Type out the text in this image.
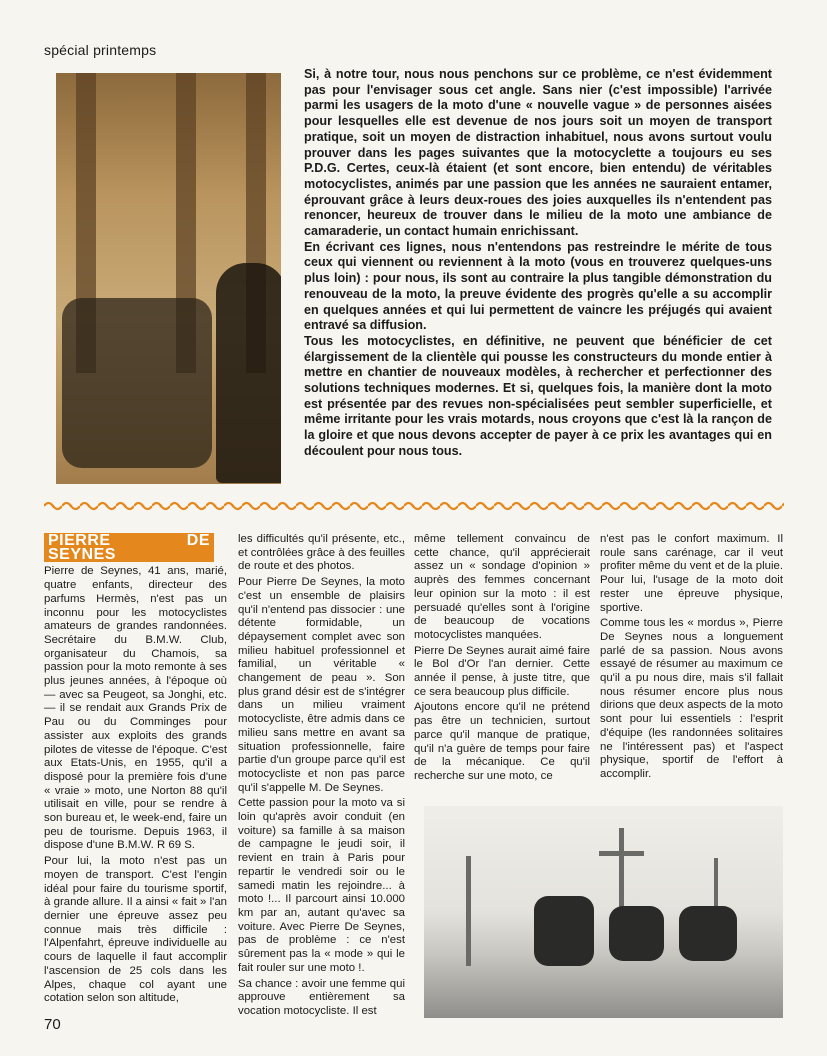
spécial printemps

Si, à notre tour, nous nous penchons sur ce problème, ce n'est évidemment pas pour l'envisager sous cet angle. Sans nier (c'est impossible) l'arrivée parmi les usagers de la moto d'une « nouvelle vague » de personnes aisées pour lesquelles elle est devenue de nos jours soit un moyen de transport pratique, soit un moyen de distraction inhabituel, nous avons surtout voulu prouver dans les pages suivantes que la motocyclette a toujours eu ses P.D.G. Certes, ceux-là étaient (et sont encore, bien entendu) de véritables motocyclistes, animés par une passion que les années ne sauraient entamer, éprouvant grâce à leurs deux-roues des joies auxquelles ils n'entendent pas renoncer, heureux de trouver dans le milieu de la moto une ambiance de camaraderie, un contact humain enrichissant.

En écrivant ces lignes, nous n'entendons pas restreindre le mérite de tous ceux qui viennent ou reviennent à la moto (vous en trouverez quelques-uns plus loin) : pour nous, ils sont au contraire la plus tangible démonstration du renouveau de la moto, la preuve évidente des progrès qu'elle a su accomplir en quelques années et qui lui permettent de vaincre les préjugés qui avaient entravé sa diffusion.

Tous les motocyclistes, en définitive, ne peuvent que bénéficier de cet élargissement de la clientèle qui pousse les constructeurs du monde entier à mettre en chantier de nouveaux modèles, à rechercher et perfectionner des solutions techniques modernes. Et si, quelques fois, la manière dont la moto est présentée par des revues non-spécialisées peut sembler superficielle, et même irritante pour les vrais motards, nous croyons que c'est là la rançon de la gloire et que nous devons accepter de payer à ce prix les avantages qui en découlent pour nous tous.

PIERRE DE SEYNES

Pierre de Seynes, 41 ans, marié, quatre enfants, directeur des parfums Hermès, n'est pas un inconnu pour les motocyclistes amateurs de grandes randonnées. Secrétaire du B.M.W. Club, organisateur du Chamois, sa passion pour la moto remonte à ses plus jeunes années, à l'époque où — avec sa Peugeot, sa Jonghi, etc. — il se rendait aux Grands Prix de Pau ou du Comminges pour assister aux exploits des grands pilotes de vitesse de l'époque. C'est aux Etats-Unis, en 1955, qu'il a disposé pour la première fois d'une « vraie » moto, une Norton 88 qu'il utilisait en ville, pour se rendre à son bureau et, le week-end, faire un peu de tourisme. Depuis 1963, il dispose d'une B.M.W. R 69 S.

Pour lui, la moto n'est pas un moyen de transport. C'est l'engin idéal pour faire du tourisme sportif, à grande allure. Il a ainsi « fait » l'an dernier une épreuve assez peu connue mais très difficile : l'Alpenfahrt, épreuve individuelle au cours de laquelle il faut accomplir l'ascension de 25 cols dans les Alpes, chaque col ayant une cotation selon son altitude,

les difficultés qu'il présente, etc., et contrôlées grâce à des feuilles de route et des photos.

Pour Pierre De Seynes, la moto c'est un ensemble de plaisirs qu'il n'entend pas dissocier : une détente formidable, un dépaysement complet avec son milieu habituel professionnel et familial, un véritable « changement de peau ». Son plus grand désir est de s'intégrer dans un milieu vraiment motocycliste, être admis dans ce milieu sans mettre en avant sa situation professionnelle, faire partie d'un groupe parce qu'il est motocycliste et non pas parce qu'il s'appelle M. De Seynes.

Cette passion pour la moto va si loin qu'après avoir conduit (en voiture) sa famille à sa maison de campagne le jeudi soir, il revient en train à Paris pour repartir le vendredi soir ou le samedi matin les rejoindre... à moto !... Il parcourt ainsi 10.000 km par an, autant qu'avec sa voiture. Avec Pierre De Seynes, pas de problème : ce n'est sûrement pas la « mode » qui le fait rouler sur une moto !.

Sa chance : avoir une femme qui approuve entièrement sa vocation motocycliste. Il est

même tellement convaincu de cette chance, qu'il apprécierait assez un « sondage d'opinion » auprès des femmes concernant leur opinion sur la moto : il est persuadé qu'elles sont à l'origine de beaucoup de vocations motocyclistes manquées.

Pierre De Seynes aurait aimé faire le Bol d'Or l'an dernier. Cette année il pense, à juste titre, que ce sera beaucoup plus difficile.

Ajoutons encore qu'il ne prétend pas être un technicien, surtout parce qu'il manque de pratique, qu'il n'a guère de temps pour faire de la mécanique. Ce qu'il recherche sur une moto, ce

n'est pas le confort maximum. Il roule sans carénage, car il veut profiter même du vent et de la pluie. Pour lui, l'usage de la moto doit rester une épreuve physique, sportive.

Comme tous les « mordus », Pierre De Seynes nous a longuement parlé de sa passion. Nous avons essayé de résumer au maximum ce qu'il a pu nous dire, mais s'il fallait nous résumer encore plus nous dirions que deux aspects de la moto sont pour lui essentiels : l'esprit d'équipe (les randonnées solitaires ne l'intéressent pas) et l'aspect physique, sportif de l'effort à accomplir.

70
